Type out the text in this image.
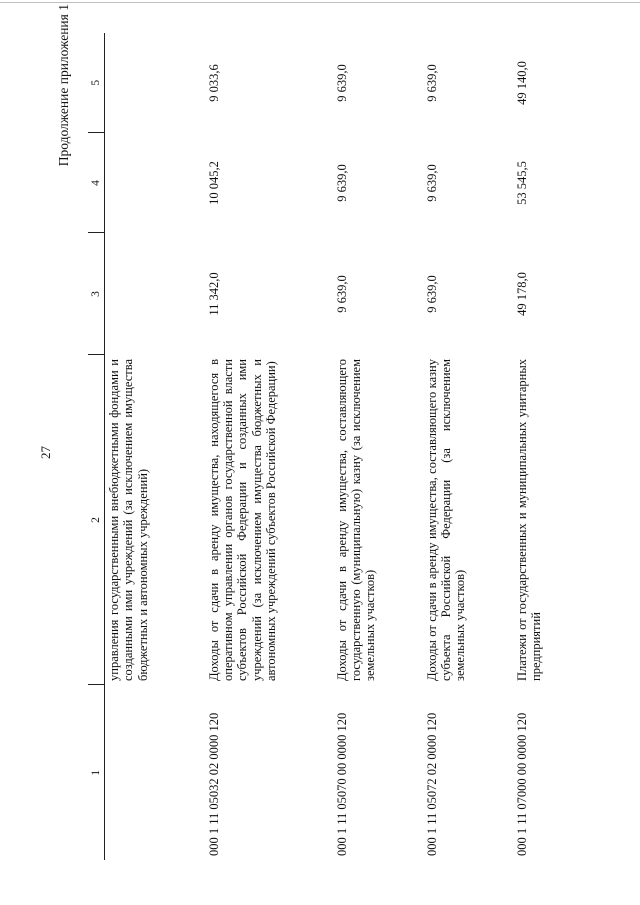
27
Продолжение приложения 1
1	2	3	4	5
	управления государственными внебюджетными фондами и созданными ими учреждений (за исключением имущества бюджетных и автономных учреждений)			
000 1 11 05032 02 0000 120	Доходы от сдачи в аренду имущества, находящегося в оперативном управлении органов государственной власти субъектов Российской Федерации и созданных ими учреждений (за исключением имущества бюджетных и автономных учреждений субъектов Российской Федерации)	11 342,0	10 045,2	9 033,6
000 1 11 05070 00 0000 120	Доходы от сдачи в аренду имущества, составляющего государственную (муниципальную) казну (за исключением земельных участков)	9 639,0	9 639,0	9 639,0
000 1 11 05072 02 0000 120	Доходы от сдачи в аренду имущества, составляющего казну субъекта Российской Федерации (за исключением земельных участков)	9 639,0	9 639,0	9 639,0
000 1 11 07000 00 0000 120	Платежи от государственных и муниципальных унитарных предприятий	49 178,0	53 545,5	49 140,0
